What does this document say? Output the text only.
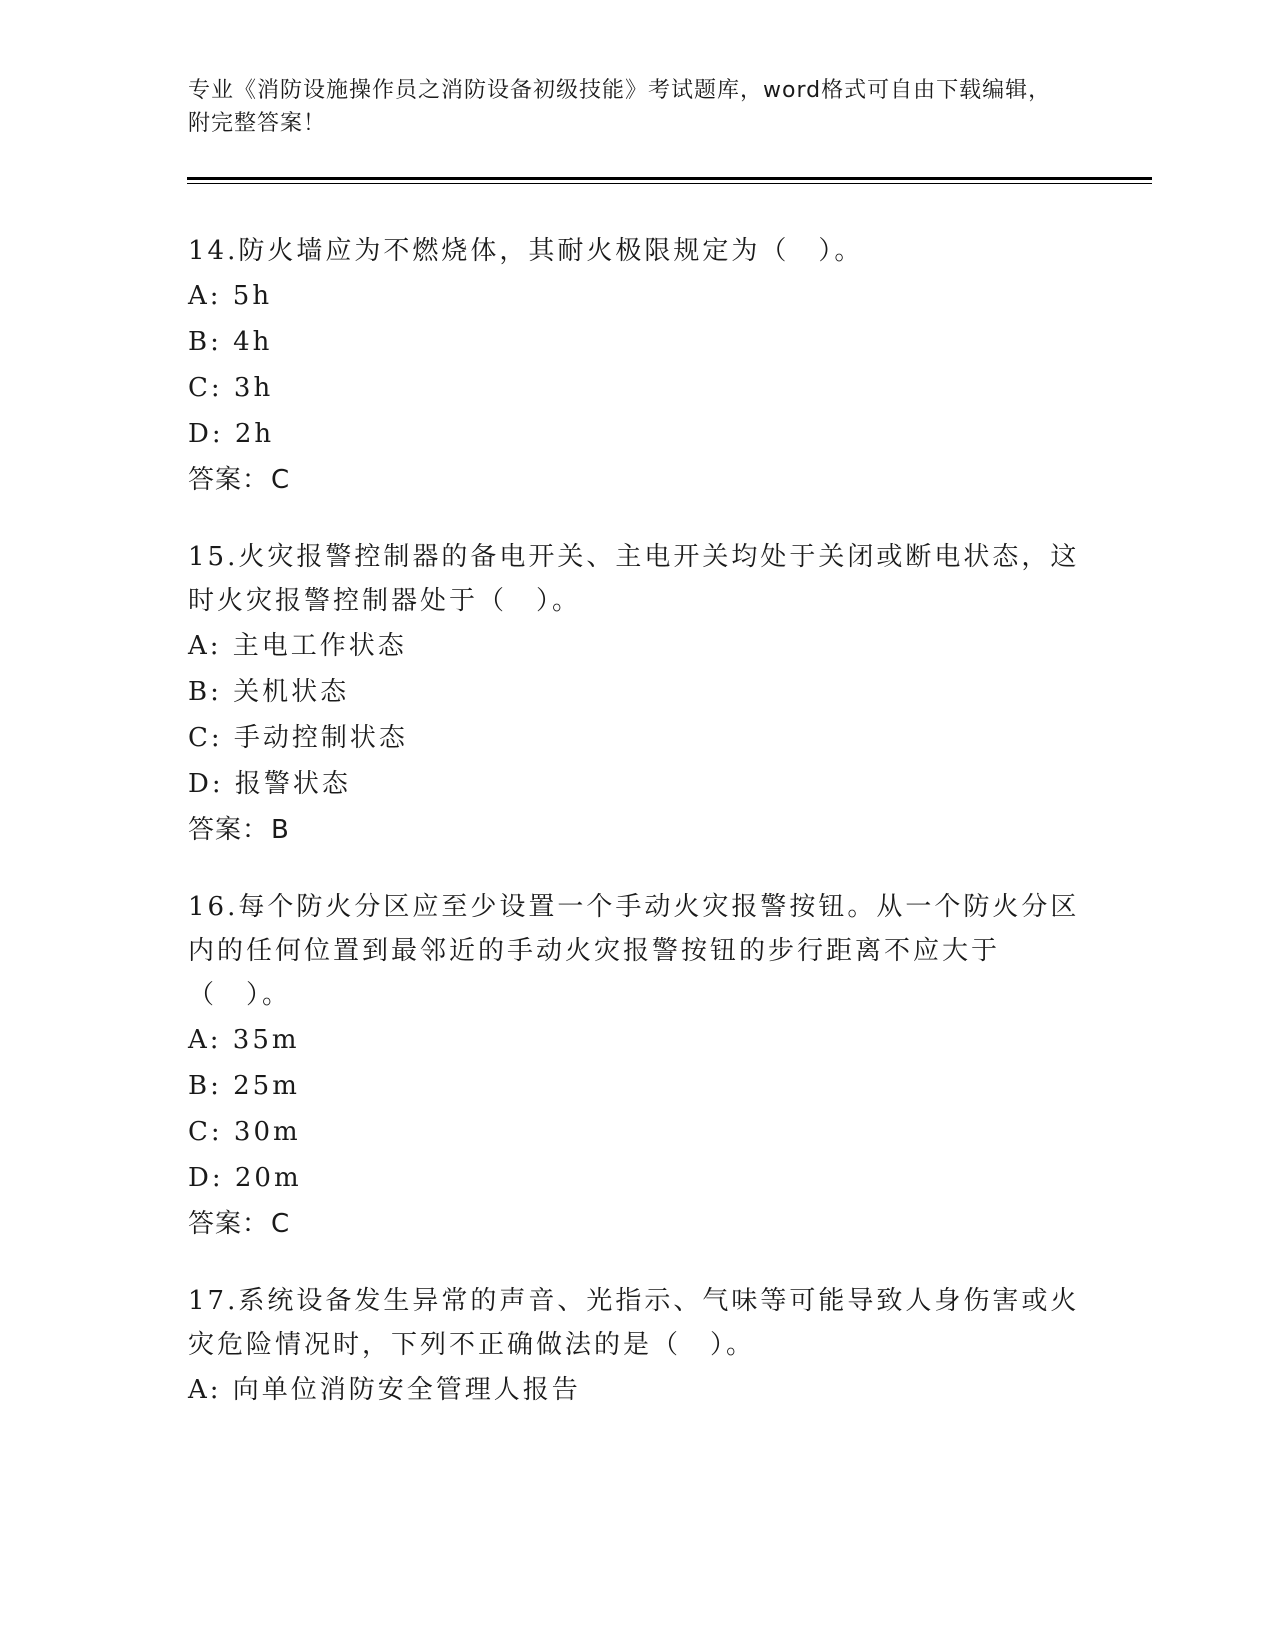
专业《消防设施操作员之消防设备初级技能》考试题库，word格式可自由下载编辑，附完整答案！
14.防火墙应为不燃烧体，其耐火极限规定为（　）。
A: 5h
B: 4h
C: 3h
D: 2h
答案：C
15.火灾报警控制器的备电开关、主电开关均处于关闭或断电状态，这时火灾报警控制器处于（　）。
A: 主电工作状态
B: 关机状态
C: 手动控制状态
D: 报警状态
答案：B
16.每个防火分区应至少设置一个手动火灾报警按钮。从一个防火分区内的任何位置到最邻近的手动火灾报警按钮的步行距离不应大于（　）。
A: 35m
B: 25m
C: 30m
D: 20m
答案：C
17.系统设备发生异常的声音、光指示、气味等可能导致人身伤害或火灾危险情况时，下列不正确做法的是（　）。
A: 向单位消防安全管理人报告
